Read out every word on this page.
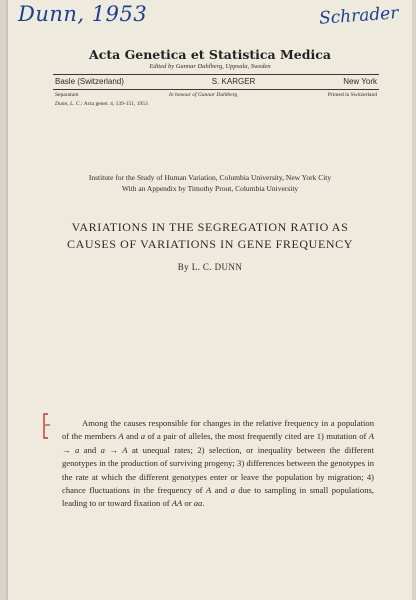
Dunn, 1953	Schrader
Acta Genetica et Statistica Medica
Edited by Gunnar Dahlberg, Uppsala, Sweden
Basle (Switzerland)	S. KARGER	New York
Separatum	In honour of Gunnar Dahlberg	Printed in Switzerland
Dunn, L. C.: Acta genet. 4, 139-151, 1953
Institute for the Study of Human Variation, Columbia University, New York City
With an Appendix by Timothy Prout, Columbia University
VARIATIONS IN THE SEGREGATION RATIO AS
CAUSES OF VARIATIONS IN GENE FREQUENCY
By L. C. DUNN

Among the causes responsible for changes in the relative frequency in a population of the members A and a of a pair of alleles, the most frequently cited are 1) mutation of A → a and a → A at unequal rates; 2) selection, or inequality between the different genotypes in the production of surviving progeny; 3) differences between the genotypes in the rate at which the different genotypes enter or leave the population by migration; 4) chance fluctuations in the frequency of A and a due to sampling in small populations, leading to or toward fixation of AA or aa.
